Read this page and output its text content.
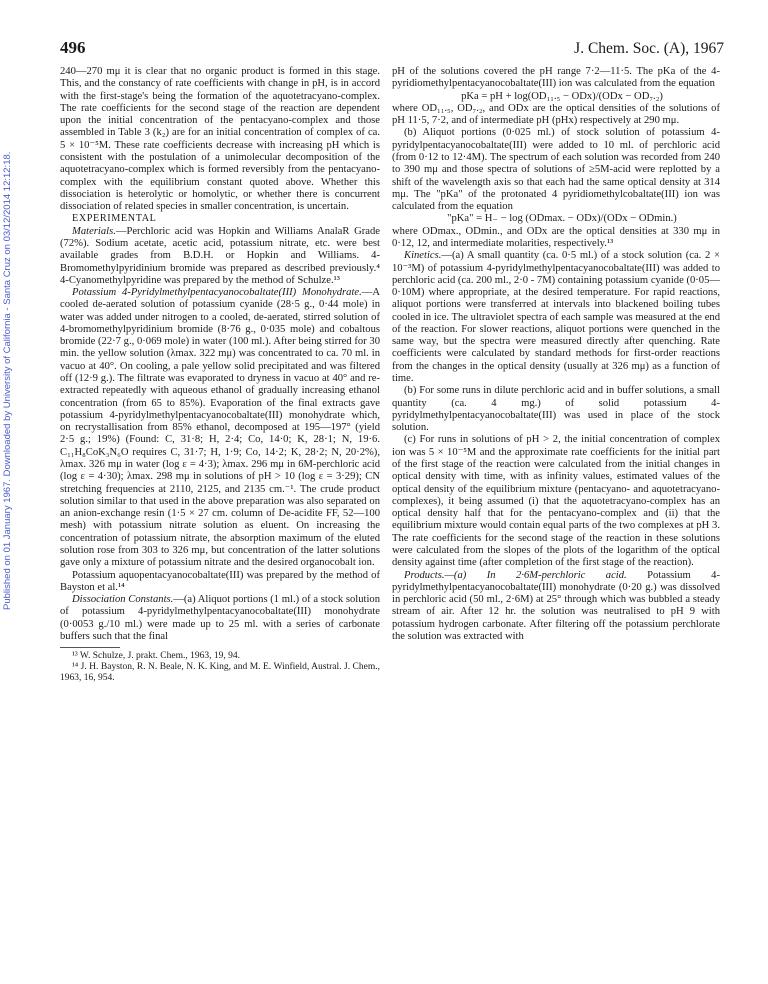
Published on 01 January 1967. Downloaded by University of California - Santa Cruz on 03/12/2014 12:12:18.
496	J. Chem. Soc. (A), 1967

240—270 mμ it is clear that no organic product is formed in this stage. This, and the constancy of rate coefficients with change in pH, is in accord with the first-stage's being the formation of the aquotetracyano-complex. The rate coefficients for the second stage of the reaction are dependent upon the initial concentration of the pentacyano-complex and those assembled in Table 3 (k₂) are for an initial concentration of complex of ca. 5 × 10⁻⁵M. These rate coefficients decrease with increasing pH which is consistent with the postulation of a unimolecular decomposition of the aquotetracyano-complex which is formed reversibly from the pentacyano-complex with the equilibrium constant quoted above. Whether this dissociation is heterolytic or homolytic, or whether there is concurrent dissociation of related species in smaller concentration, is uncertain.

EXPERIMENTAL

Materials.—Perchloric acid was Hopkin and Williams AnalaR Grade (72%). Sodium acetate, acetic acid, potassium nitrate, etc. were best available grades from B.D.H. or Hopkin and Williams. 4-Bromomethylpyridinium bromide was prepared as described previously.⁴ 4-Cyanomethylpyridine was prepared by the method of Schulze.¹³

Potassium 4-Pyridylmethylpentacyanocobaltate(III) Monohydrate.—A cooled de-aerated solution of potassium cyanide (28·5 g., 0·44 mole) in water was added under nitrogen to a cooled, de-aerated, stirred solution of 4-bromomethylpyridinium bromide (8·76 g., 0·035 mole) and cobaltous bromide (22·7 g., 0·069 mole) in water (100 ml.). After being stirred for 30 min. the yellow solution (λmax. 322 mμ) was concentrated to ca. 70 ml. in vacuo at 40°. On cooling, a pale yellow solid precipitated and was filtered off (12·9 g.). The filtrate was evaporated to dryness in vacuo at 40° and re-extracted repeatedly with aqueous ethanol of gradually increasing ethanol concentration (from 65 to 85%). Evaporation of the final extracts gave potassium 4-pyridylmethylpentacyanocobaltate(III) monohydrate which, on recrystallisation from 85% ethanol, decomposed at 195—197° (yield 2·5 g.; 19%) (Found: C, 31·8; H, 2·4; Co, 14·0; K, 28·1; N, 19·6. C₁₁H₈CoK₃N₆O requires C, 31·7; H, 1·9; Co, 14·2; K, 28·2; N, 20·2%), λmax. 326 mμ in water (log ε = 4·3); λmax. 296 mμ in 6M-perchloric acid (log ε = 4·30); λmax. 298 mμ in solutions of pH > 10 (log ε = 3·29); CN stretching frequencies at 2110, 2125, and 2135 cm.⁻¹. The crude product solution similar to that used in the above preparation was also separated on an anion-exchange resin (1·5 × 27 cm. column of De-acidite FF, 52—100 mesh) with potassium nitrate solution as eluent. On increasing the concentration of potassium nitrate, the absorption maximum of the eluted solution rose from 303 to 326 mμ, but concentration of the latter solutions gave only a mixture of potassium nitrate and the desired organocobalt ion.

Potassium aquopentacyanocobaltate(III) was prepared by the method of Bayston et al.¹⁴

Dissociation Constants.—(a) Aliquot portions (1 ml.) of a stock solution of potassium 4-pyridylmethylpentacyanocobaltate(III) monohydrate (0·0053 g./10 ml.) were made up to 25 ml. with a series of carbonate buffers such that the final

¹³ W. Schulze, J. prakt. Chem., 1963, 19, 94.

¹⁴ J. H. Bayston, R. N. Beale, N. K. King, and M. E. Winfield, Austral. J. Chem., 1963, 16, 954.

pH of the solutions covered the pH range 7·2—11·5. The pKa of the 4-pyridiomethylpentacyanocobaltate(III) ion was calculated from the equation

pKa = pH + log(OD₁₁.₅ − ODx)/(ODx − OD₇.₂)

where OD₁₁.₅, OD₇.₂, and ODx are the optical densities of the solutions of pH 11·5, 7·2, and of intermediate pH (pHx) respectively at 290 mμ.

(b) Aliquot portions (0·025 ml.) of stock solution of potassium 4-pyridylpentacyanocobaltate(III) were added to 10 ml. of perchloric acid (from 0·12 to 12·4M). The spectrum of each solution was recorded from 240 to 390 mμ and those spectra of solutions of ≥5M-acid were replotted by a shift of the wavelength axis so that each had the same optical density at 314 mμ. The "pKa" of the protonated 4 pyridiomethylcobaltate(III) ion was calculated from the equation

"pKa" = H₋ − log (ODmax. − ODx)/(ODx − ODmin.)

where ODmax., ODmin., and ODx are the optical densities at 330 mμ in 0·12, 12, and intermediate molarities, respectively.¹³

Kinetics.—(a) A small quantity (ca. 0·5 ml.) of a stock solution (ca. 2 × 10⁻³M) of potassium 4-pyridylmethylpentacyanocobaltate(III) was added to perchloric acid (ca. 200 ml., 2·0 - 7M) containing potassium cyanide (0·05—0·10M) where appropriate, at the desired temperature. For rapid reactions, aliquot portions were transferred at intervals into blackened boiling tubes cooled in ice. The ultraviolet spectra of each sample was measured at the end of the reaction. For slower reactions, aliquot portions were quenched in the same way, but the spectra were measured directly after quenching. Rate coefficients were calculated by standard methods for first-order reactions from the changes in the optical density (usually at 326 mμ) as a function of time.

(b) For some runs in dilute perchloric acid and in buffer solutions, a small quantity (ca. 4 mg.) of solid potassium 4-pyridylmethylpentacyanocobaltate(III) was used in place of the stock solution.

(c) For runs in solutions of pH > 2, the initial concentration of complex ion was 5 × 10⁻⁵M and the approximate rate coefficients for the initial part of the first stage of the reaction were calculated from the initial changes in optical density with time, with as infinity values, estimated values of the optical density of the equilibrium mixture (pentacyano- and aquotetracyano-complexes), it being assumed (i) that the aquotetracyano-complex has an optical density half that for the pentacyano-complex and (ii) that the equilibrium mixture would contain equal parts of the two complexes at pH 3. The rate coefficients for the second stage of the reaction in these solutions were calculated from the slopes of the plots of the logarithm of the optical density against time (after completion of the first stage of the reaction).

Products.—(a) In 2·6M-perchloric acid. Potassium 4-pyridylmethylpentacyanocobaltate(III) monohydrate (0·20 g.) was dissolved in perchloric acid (50 ml., 2·6M) at 25° through which was bubbled a steady stream of air. After 12 hr. the solution was neutralised to pH 9 with potassium hydrogen carbonate. After filtering off the potassium perchlorate the solution was extracted with
